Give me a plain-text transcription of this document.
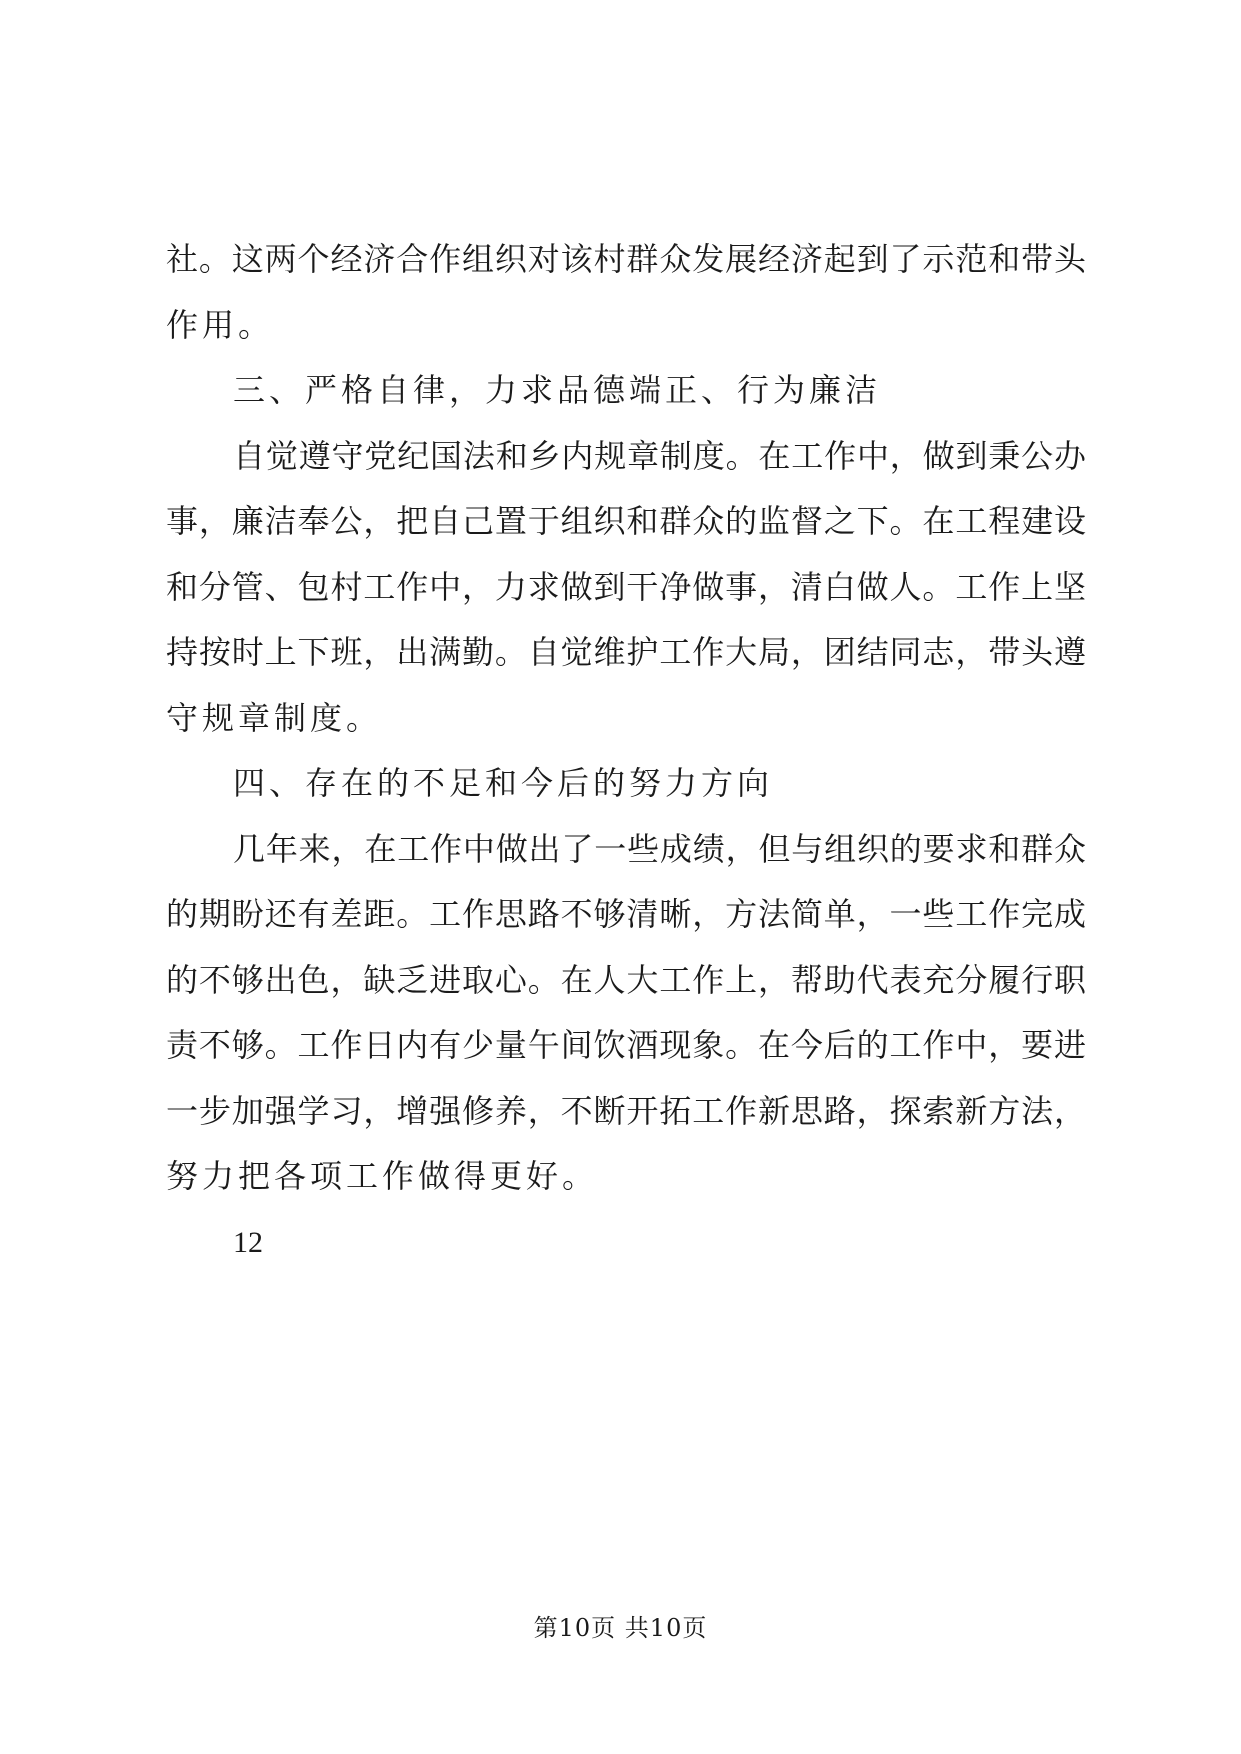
社。这两个经济合作组织对该村群众发展经济起到了示范和带头
作用。
三、严格自律，力求品德端正、行为廉洁
自觉遵守党纪国法和乡内规章制度。在工作中，做到秉公办
事，廉洁奉公，把自己置于组织和群众的监督之下。在工程建设
和分管、包村工作中，力求做到干净做事，清白做人。工作上坚
持按时上下班，出满勤。自觉维护工作大局，团结同志，带头遵
守规章制度。
四、存在的不足和今后的努力方向
几年来，在工作中做出了一些成绩，但与组织的要求和群众
的期盼还有差距。工作思路不够清晰，方法简单，一些工作完成
的不够出色，缺乏进取心。在人大工作上，帮助代表充分履行职
责不够。工作日内有少量午间饮酒现象。在今后的工作中，要进
一步加强学习，增强修养，不断开拓工作新思路，探索新方法，
努力把各项工作做得更好。
12
第10页 共10页
